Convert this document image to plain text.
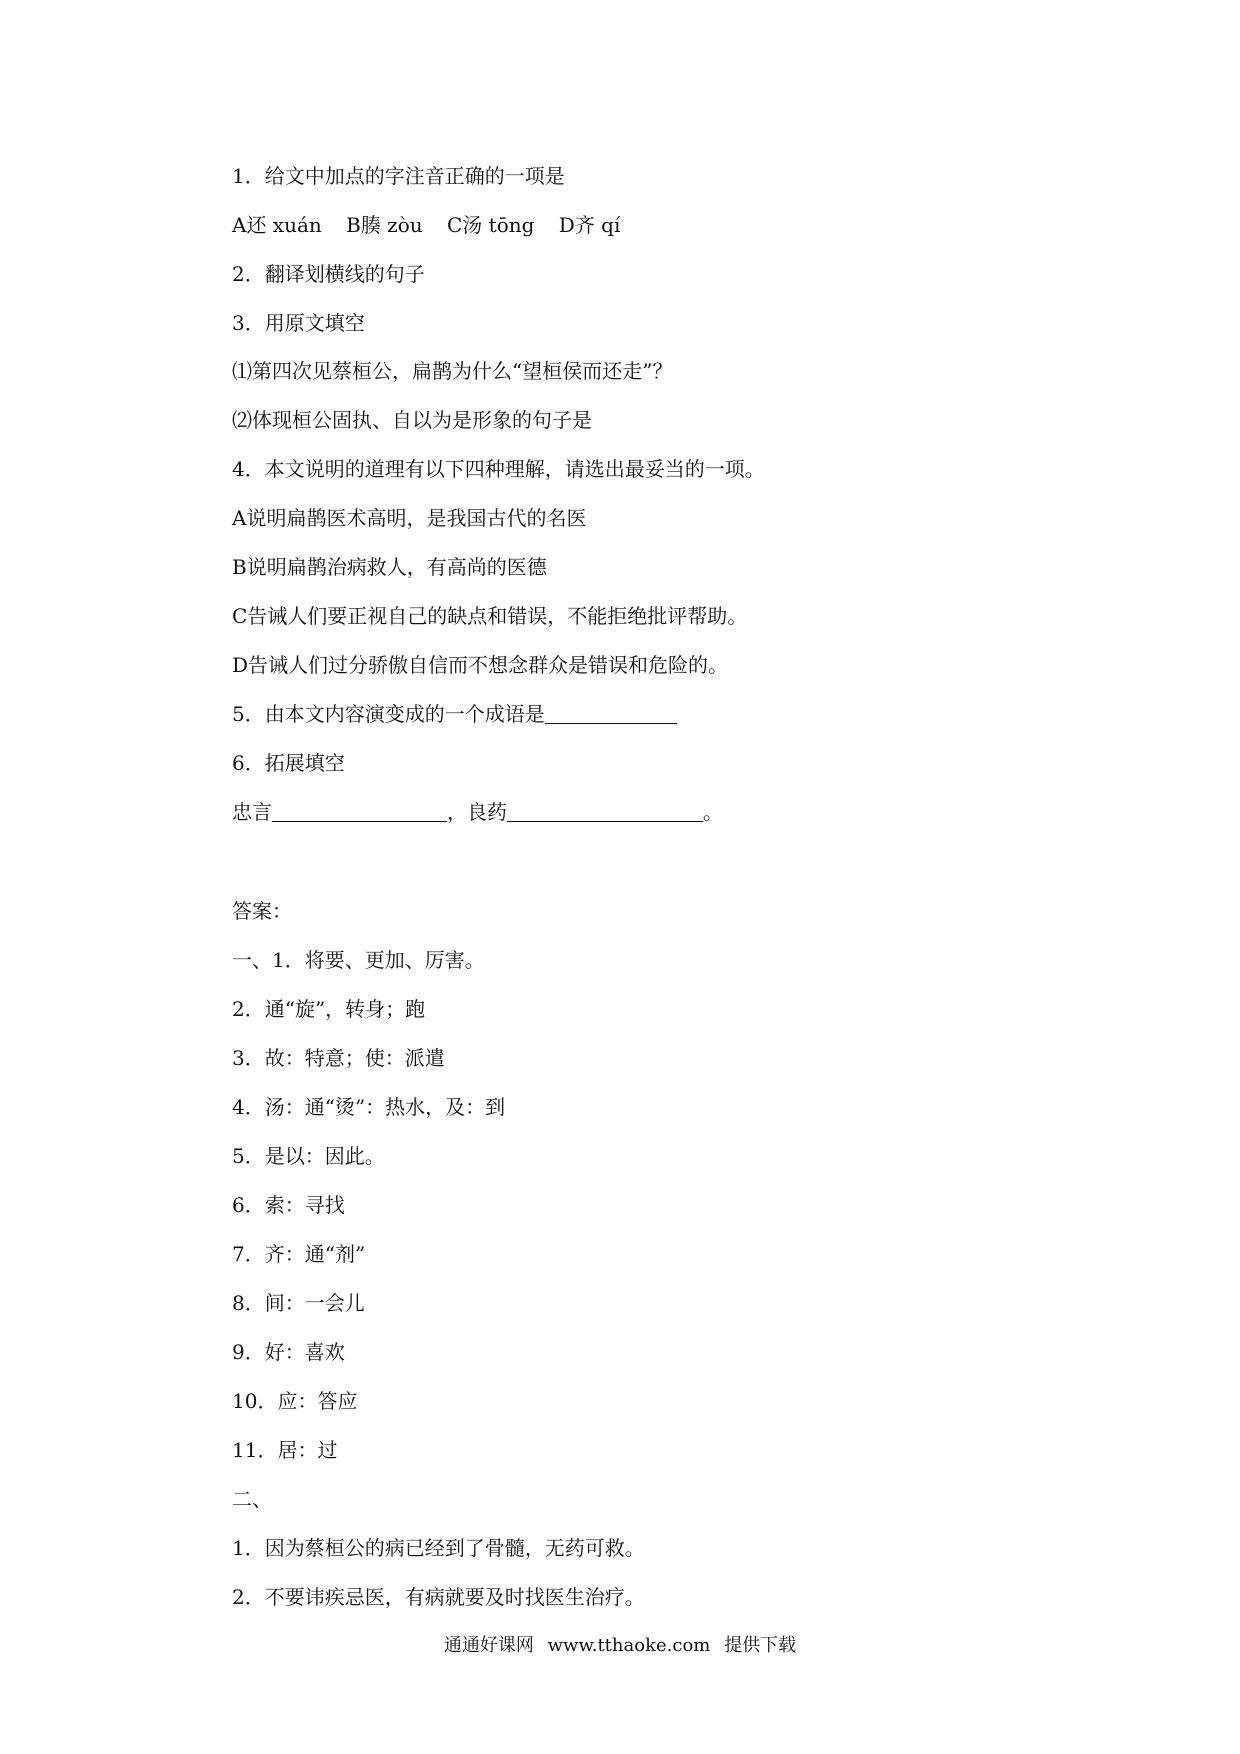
1．给文中加点的字注音正确的一项是
A还 xuán B腠 zòu C汤 tōng D齐 qí
2．翻译划横线的句子
3．用原文填空
⑴第四次见蔡桓公，扁鹊为什么“望桓侯而还走”？
⑵体现桓公固执、自以为是形象的句子是
4．本文说明的道理有以下四种理解，请选出最妥当的一项。
A说明扁鹊医术高明，是我国古代的名医
B说明扁鹊治病救人，有高尚的医德
C告诫人们要正视自己的缺点和错误，不能拒绝批评帮助。
D告诫人们过分骄傲自信而不想念群众是错误和危险的。
5．由本文内容演变成的一个成语是
6．拓展填空
忠言	，良药	。
答案：
一、1．将要、更加、厉害。
2．通“旋”，转身；跑
3．故：特意；使：派遣
4．汤：通“烫”：热水，及：到
5．是以：因此。
6．索：寻找
7．齐：通“剂”
8．间：一会儿
9．好：喜欢
10．应：答应
11．居：过
二、
1．因为蔡桓公的病已经到了骨髓，无药可救。
2．不要讳疾忌医，有病就要及时找医生治疗。
通通好课网 www.tthaoke.com 提供下载
